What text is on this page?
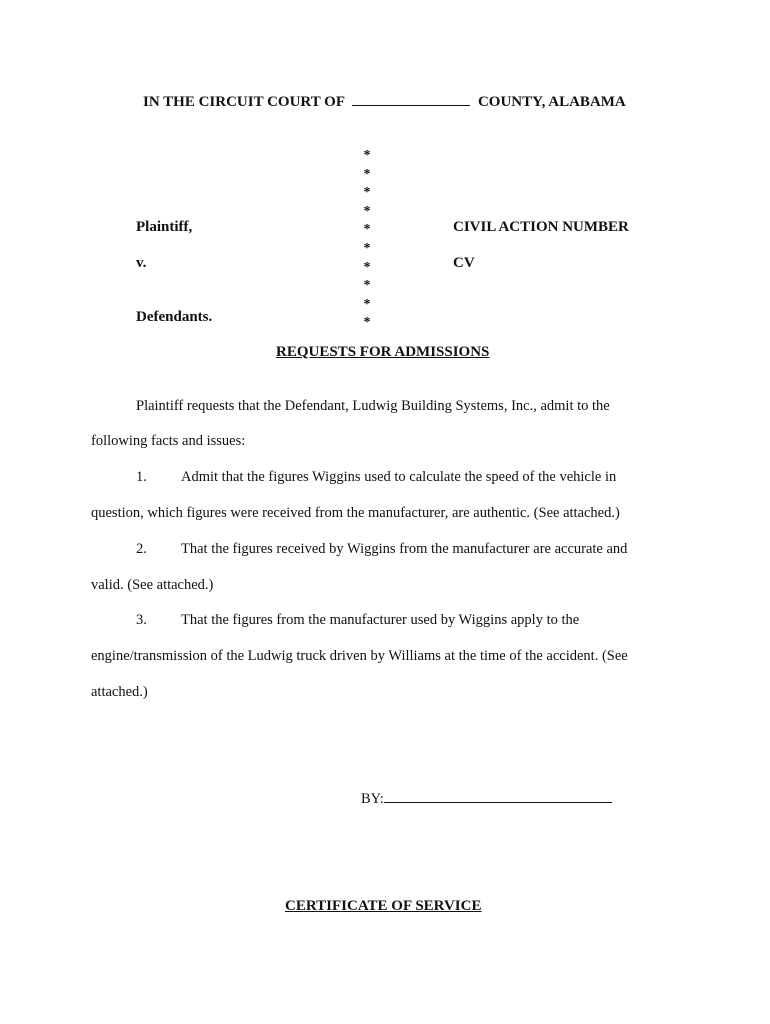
IN THE CIRCUIT COURT OF	COUNTY, ALABAMA
Plaintiff,
v.
Defendants.
*
*
*
*
*
*
*
*
*
*
CIVIL ACTION NUMBER
CV
REQUESTS FOR ADMISSIONS
Plaintiff requests that the Defendant, Ludwig Building Systems, Inc., admit to the
following facts and issues:
1. Admit that the figures Wiggins used to calculate the speed of the vehicle in
question, which figures were received from the manufacturer, are authentic. (See attached.)
2. That the figures received by Wiggins from the manufacturer are accurate and
valid. (See attached.)
3. That the figures from the manufacturer used by Wiggins apply to the
engine/transmission of the Ludwig truck driven by Williams at the time of the accident. (See
attached.)
BY:
CERTIFICATE OF SERVICE
